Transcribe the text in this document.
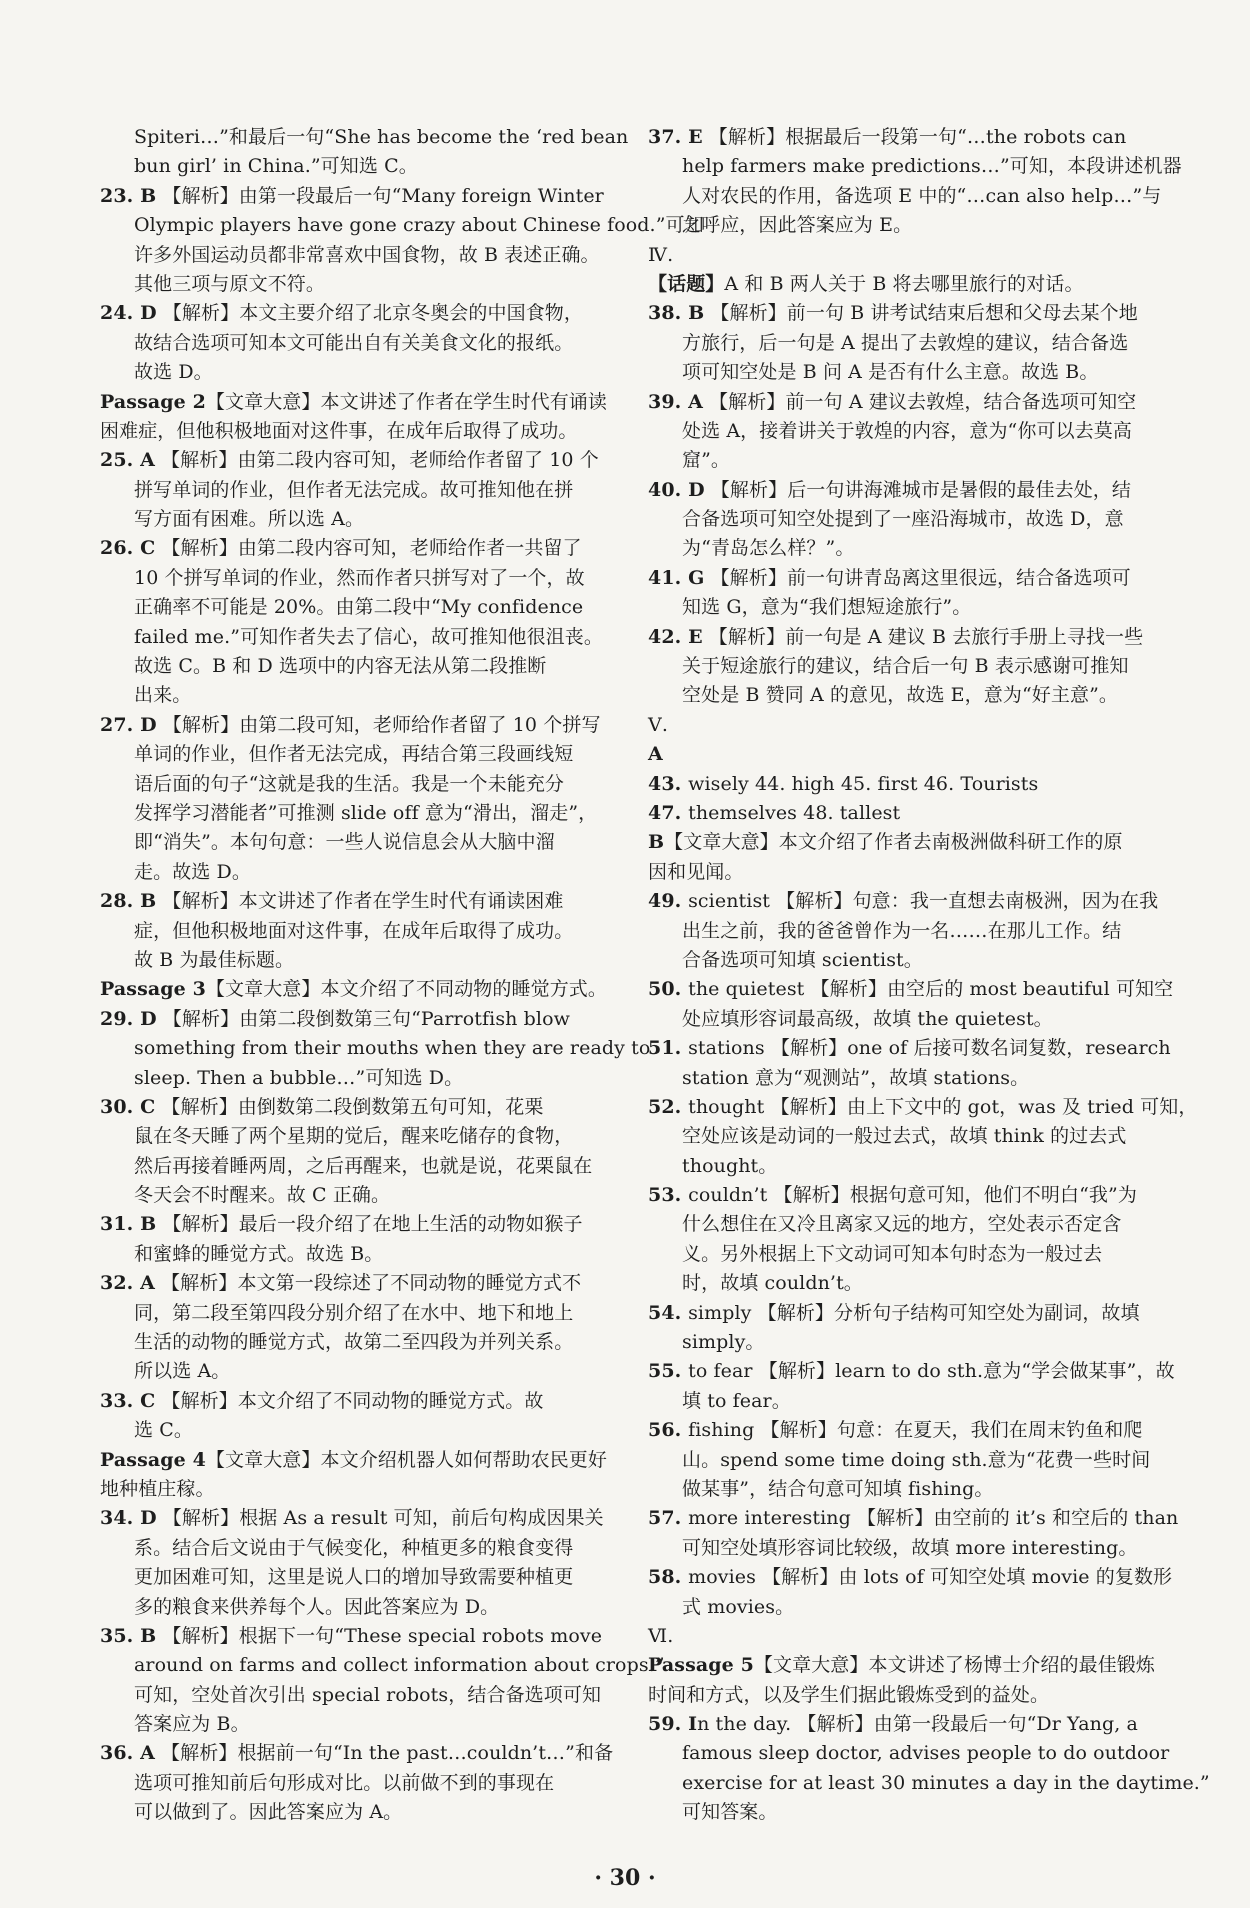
Spiteri…”和最后一句“She has become the ‘red bean
bun girl’ in China.”可知选 C。
23. B 【解析】由第一段最后一句“Many foreign Winter
Olympic players have gone crazy about Chinese food.”可知
许多外国运动员都非常喜欢中国食物，故 B 表述正确。
其他三项与原文不符。
24. D 【解析】本文主要介绍了北京冬奥会的中国食物，
故结合选项可知本文可能出自有关美食文化的报纸。
故选 D。
Passage 2【文章大意】本文讲述了作者在学生时代有诵读
困难症，但他积极地面对这件事，在成年后取得了成功。
25. A 【解析】由第二段内容可知，老师给作者留了 10 个
拼写单词的作业，但作者无法完成。故可推知他在拼
写方面有困难。所以选 A。
26. C 【解析】由第二段内容可知，老师给作者一共留了
10 个拼写单词的作业，然而作者只拼写对了一个，故
正确率不可能是 20%。由第二段中“My confidence
failed me.”可知作者失去了信心，故可推知他很沮丧。
故选 C。B 和 D 选项中的内容无法从第二段推断
出来。
27. D 【解析】由第二段可知，老师给作者留了 10 个拼写
单词的作业，但作者无法完成，再结合第三段画线短
语后面的句子“这就是我的生活。我是一个未能充分
发挥学习潜能者”可推测 slide off 意为“滑出，溜走”，
即“消失”。本句句意：一些人说信息会从大脑中溜
走。故选 D。
28. B 【解析】本文讲述了作者在学生时代有诵读困难
症，但他积极地面对这件事，在成年后取得了成功。
故 B 为最佳标题。
Passage 3【文章大意】本文介绍了不同动物的睡觉方式。
29. D 【解析】由第二段倒数第三句“Parrotfish blow
something from their mouths when they are ready to
sleep. Then a bubble…”可知选 D。
30. C 【解析】由倒数第二段倒数第五句可知，花栗
鼠在冬天睡了两个星期的觉后，醒来吃储存的食物，
然后再接着睡两周，之后再醒来，也就是说，花栗鼠在
冬天会不时醒来。故 C 正确。
31. B 【解析】最后一段介绍了在地上生活的动物如猴子
和蜜蜂的睡觉方式。故选 B。
32. A 【解析】本文第一段综述了不同动物的睡觉方式不
同，第二段至第四段分别介绍了在水中、地下和地上
生活的动物的睡觉方式，故第二至四段为并列关系。
所以选 A。
33. C 【解析】本文介绍了不同动物的睡觉方式。故
选 C。
Passage 4【文章大意】本文介绍机器人如何帮助农民更好
地种植庄稼。
34. D 【解析】根据 As a result 可知，前后句构成因果关
系。结合后文说由于气候变化，种植更多的粮食变得
更加困难可知，这里是说人口的增加导致需要种植更
多的粮食来供养每个人。因此答案应为 D。
35. B 【解析】根据下一句“These special robots move
around on farms and collect information about crops.”
可知，空处首次引出 special robots，结合备选项可知
答案应为 B。
36. A 【解析】根据前一句“In the past…couldn’t…”和备
选项可推知前后句形成对比。以前做不到的事现在
可以做到了。因此答案应为 A。
37. E 【解析】根据最后一段第一句“…the robots can
help farmers make predictions…”可知，本段讲述机器
人对农民的作用，备选项 E 中的“…can also help…”与
之呼应，因此答案应为 E。
Ⅳ.
【话题】A 和 B 两人关于 B 将去哪里旅行的对话。
38. B 【解析】前一句 B 讲考试结束后想和父母去某个地
方旅行，后一句是 A 提出了去敦煌的建议，结合备选
项可知空处是 B 问 A 是否有什么主意。故选 B。
39. A 【解析】前一句 A 建议去敦煌，结合备选项可知空
处选 A，接着讲关于敦煌的内容，意为“你可以去莫高
窟”。
40. D 【解析】后一句讲海滩城市是暑假的最佳去处，结
合备选项可知空处提到了一座沿海城市，故选 D，意
为“青岛怎么样？”。
41. G 【解析】前一句讲青岛离这里很远，结合备选项可
知选 G，意为“我们想短途旅行”。
42. E 【解析】前一句是 A 建议 B 去旅行手册上寻找一些
关于短途旅行的建议，结合后一句 B 表示感谢可推知
空处是 B 赞同 A 的意见，故选 E，意为“好主意”。
Ⅴ.
A
43. wisely 44. high 45. first 46. Tourists
47. themselves 48. tallest
B【文章大意】本文介绍了作者去南极洲做科研工作的原
因和见闻。
49. scientist 【解析】句意：我一直想去南极洲，因为在我
出生之前，我的爸爸曾作为一名……在那儿工作。结
合备选项可知填 scientist。
50. the quietest 【解析】由空后的 most beautiful 可知空
处应填形容词最高级，故填 the quietest。
51. stations 【解析】one of 后接可数名词复数，research
station 意为“观测站”，故填 stations。
52. thought 【解析】由上下文中的 got，was 及 tried 可知，
空处应该是动词的一般过去式，故填 think 的过去式
thought。
53. couldn’t 【解析】根据句意可知，他们不明白“我”为
什么想住在又冷且离家又远的地方，空处表示否定含
义。另外根据上下文动词可知本句时态为一般过去
时，故填 couldn’t。
54. simply 【解析】分析句子结构可知空处为副词，故填
simply。
55. to fear 【解析】learn to do sth.意为“学会做某事”，故
填 to fear。
56. fishing 【解析】句意：在夏天，我们在周末钓鱼和爬
山。spend some time doing sth.意为“花费一些时间
做某事”，结合句意可知填 fishing。
57. more interesting 【解析】由空前的 it’s 和空后的 than
可知空处填形容词比较级，故填 more interesting。
58. movies 【解析】由 lots of 可知空处填 movie 的复数形
式 movies。
Ⅵ.
Passage 5【文章大意】本文讲述了杨博士介绍的最佳锻炼
时间和方式，以及学生们据此锻炼受到的益处。
59. In the day. 【解析】由第一段最后一句“Dr Yang, a
famous sleep doctor, advises people to do outdoor
exercise for at least 30 minutes a day in the daytime.”
可知答案。
· 30 ·
